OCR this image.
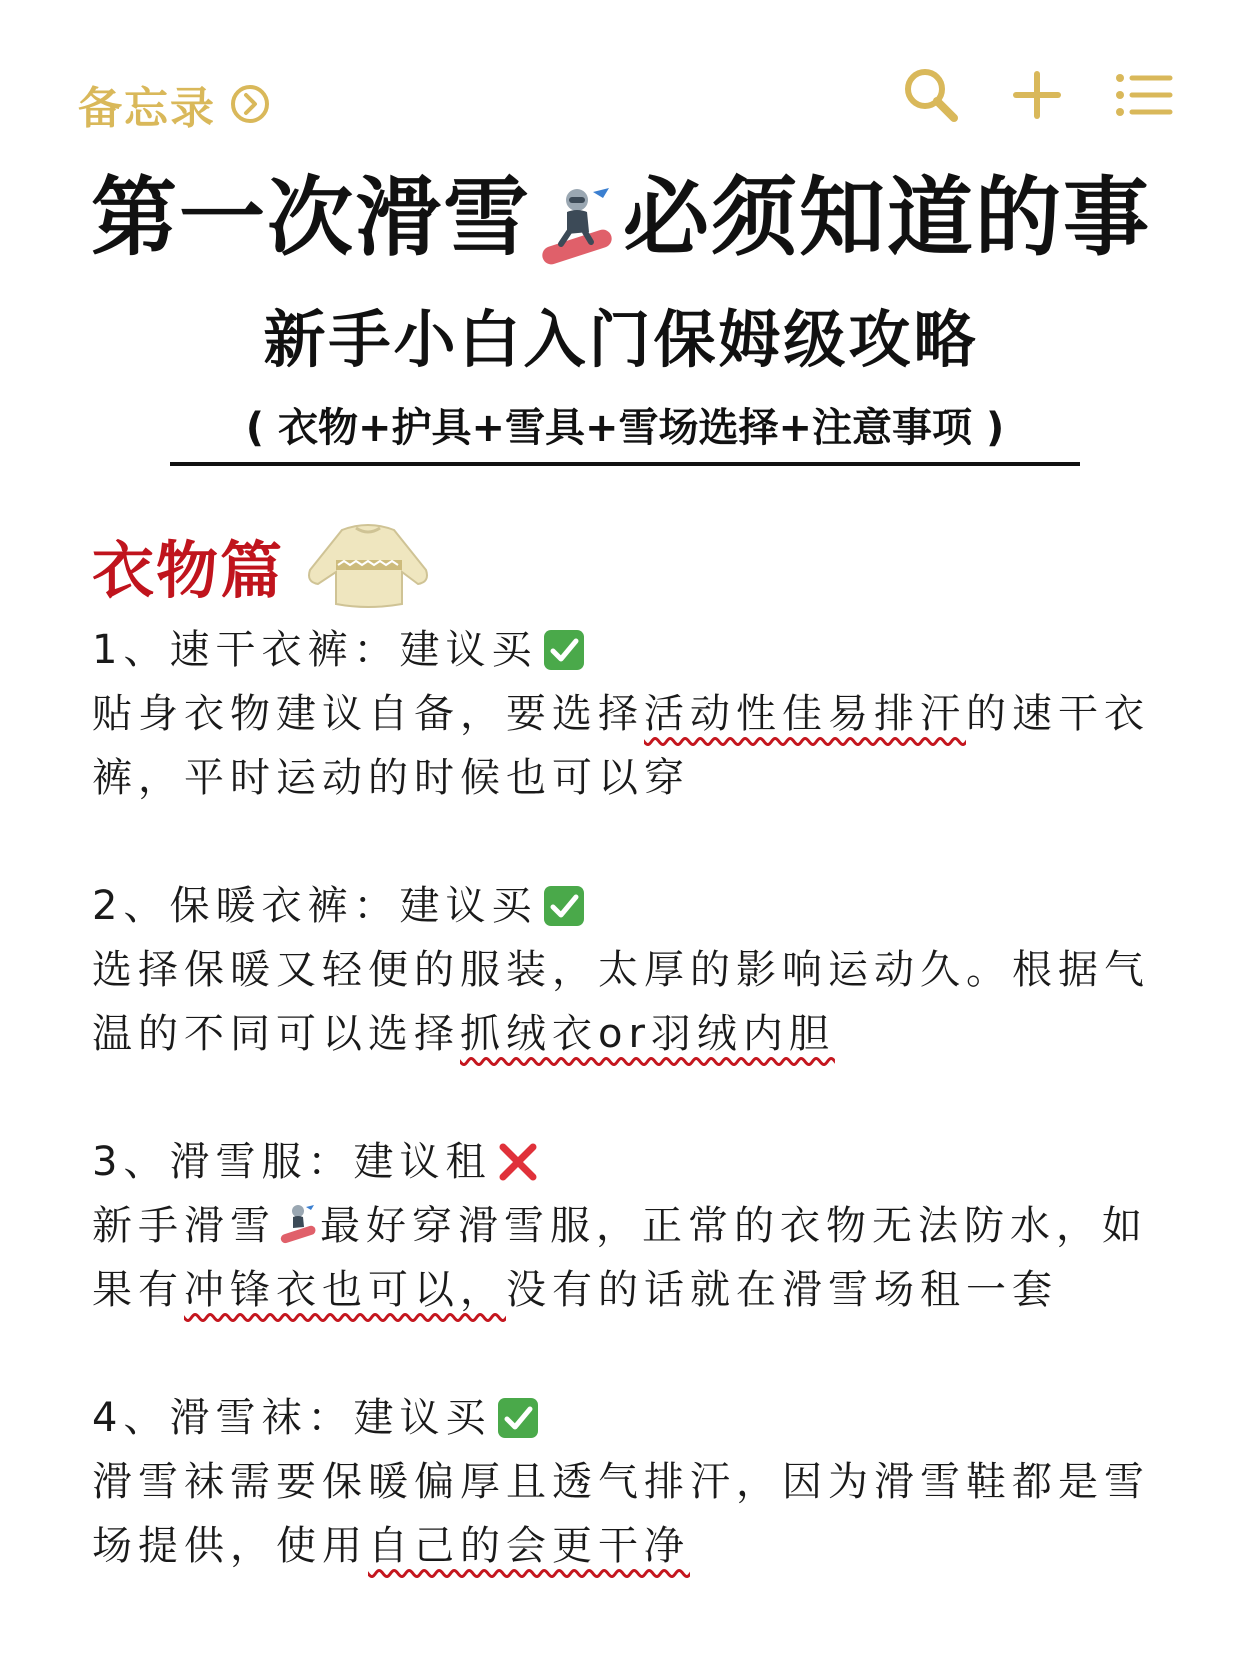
备忘录
第一次滑雪 必须知道的事
新手小白入门保姆级攻略
( 衣物+护具+雪具+雪场选择+注意事项 )
衣物篇
1、速干衣裤：建议买
贴身衣物建议自备，要选择活动性佳易排汗的速干衣裤，平时运动的时候也可以穿
2、保暖衣裤：建议买
选择保暖又轻便的服装，太厚的影响运动久。根据气温的不同可以选择抓绒衣or羽绒内胆
3、滑雪服：建议租
新手滑雪 最好穿滑雪服，正常的衣物无法防水，如果有冲锋衣也可以，没有的话就在滑雪场租一套
4、滑雪袜：建议买
滑雪袜需要保暖偏厚且透气排汗，因为滑雪鞋都是雪场提供，使用自己的会更干净
